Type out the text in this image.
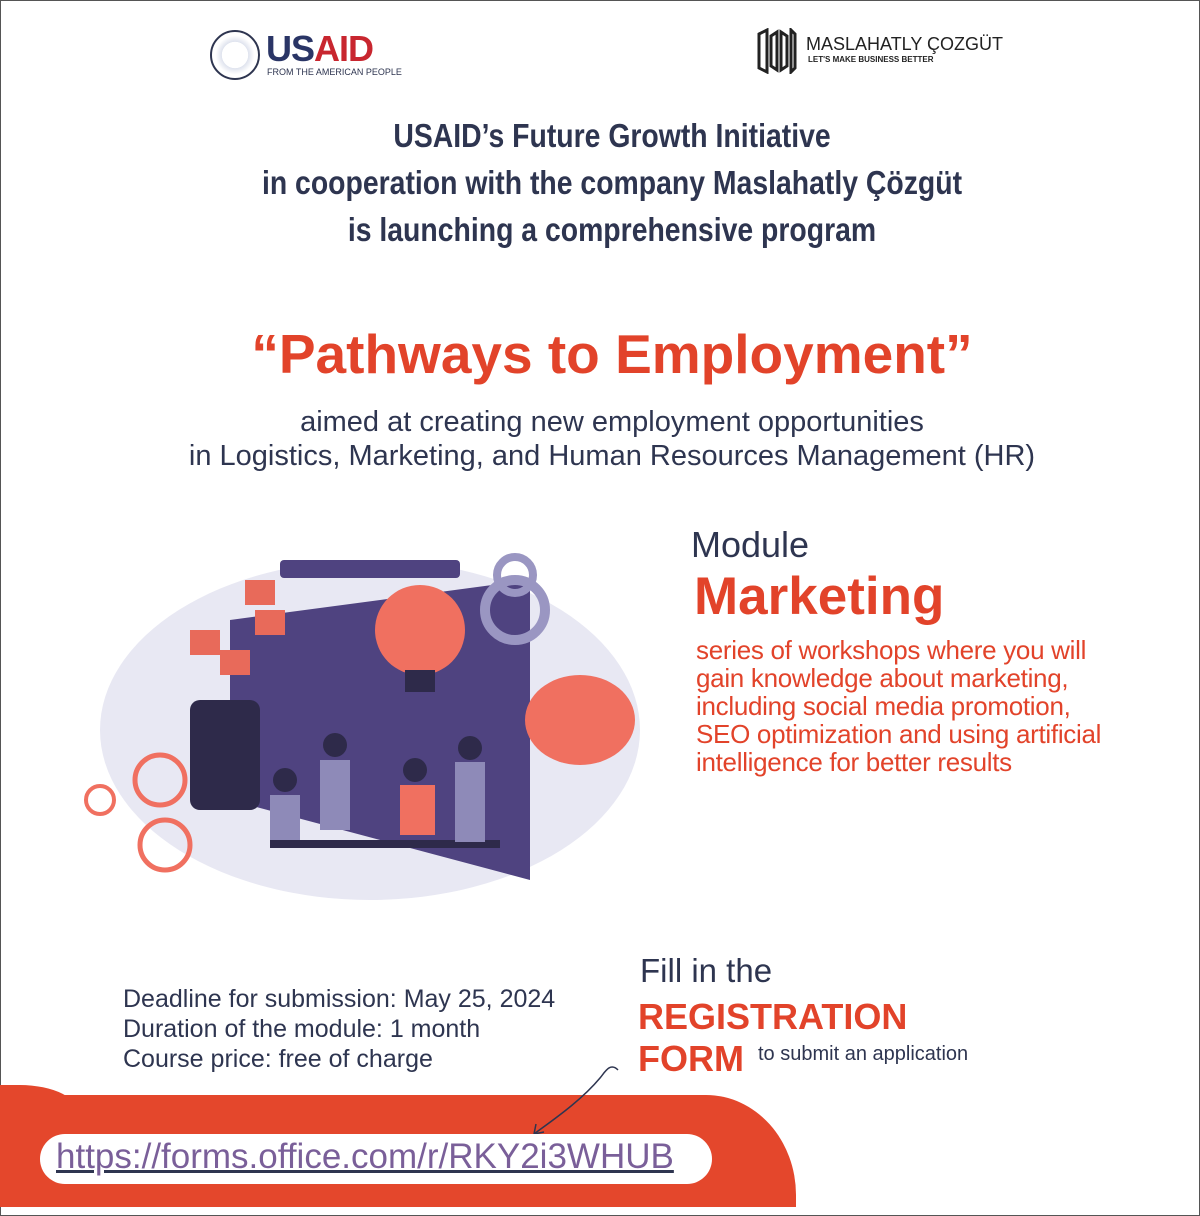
USAID
FROM THE AMERICAN PEOPLE
MASLAHATLY ÇOZGÜT
LET'S MAKE BUSINESS BETTER
USAID’s Future Growth Initiative
in cooperation with the company Maslahatly Çözgüt
is launching a comprehensive program
“Pathways to Employment”
aimed at creating new employment opportunities
in Logistics, Marketing, and Human Resources Management (HR)
Module
Marketing
series of workshops where you will
gain knowledge about marketing,
including social media promotion,
SEO optimization and using artificial
intelligence for better results
Deadline for submission: May 25, 2024
Duration of the module: 1 month
Course price: free of charge
Fill in the
REGISTRATION
FORM to submit an application
https://forms.office.com/r/RKY2i3WHUB
